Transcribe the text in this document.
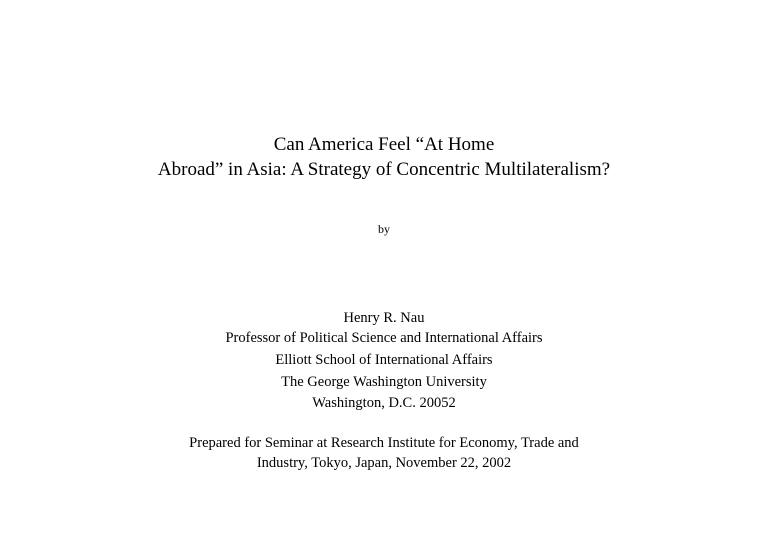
Can America Feel “At Home
Abroad” in Asia: A Strategy of Concentric Multilateralism?
by
Henry R. Nau
Professor of Political Science and International Affairs
Elliott School of International Affairs
The George Washington University
Washington, D.C. 20052
Prepared for Seminar at Research Institute for Economy, Trade and
Industry, Tokyo, Japan, November 22, 2002
